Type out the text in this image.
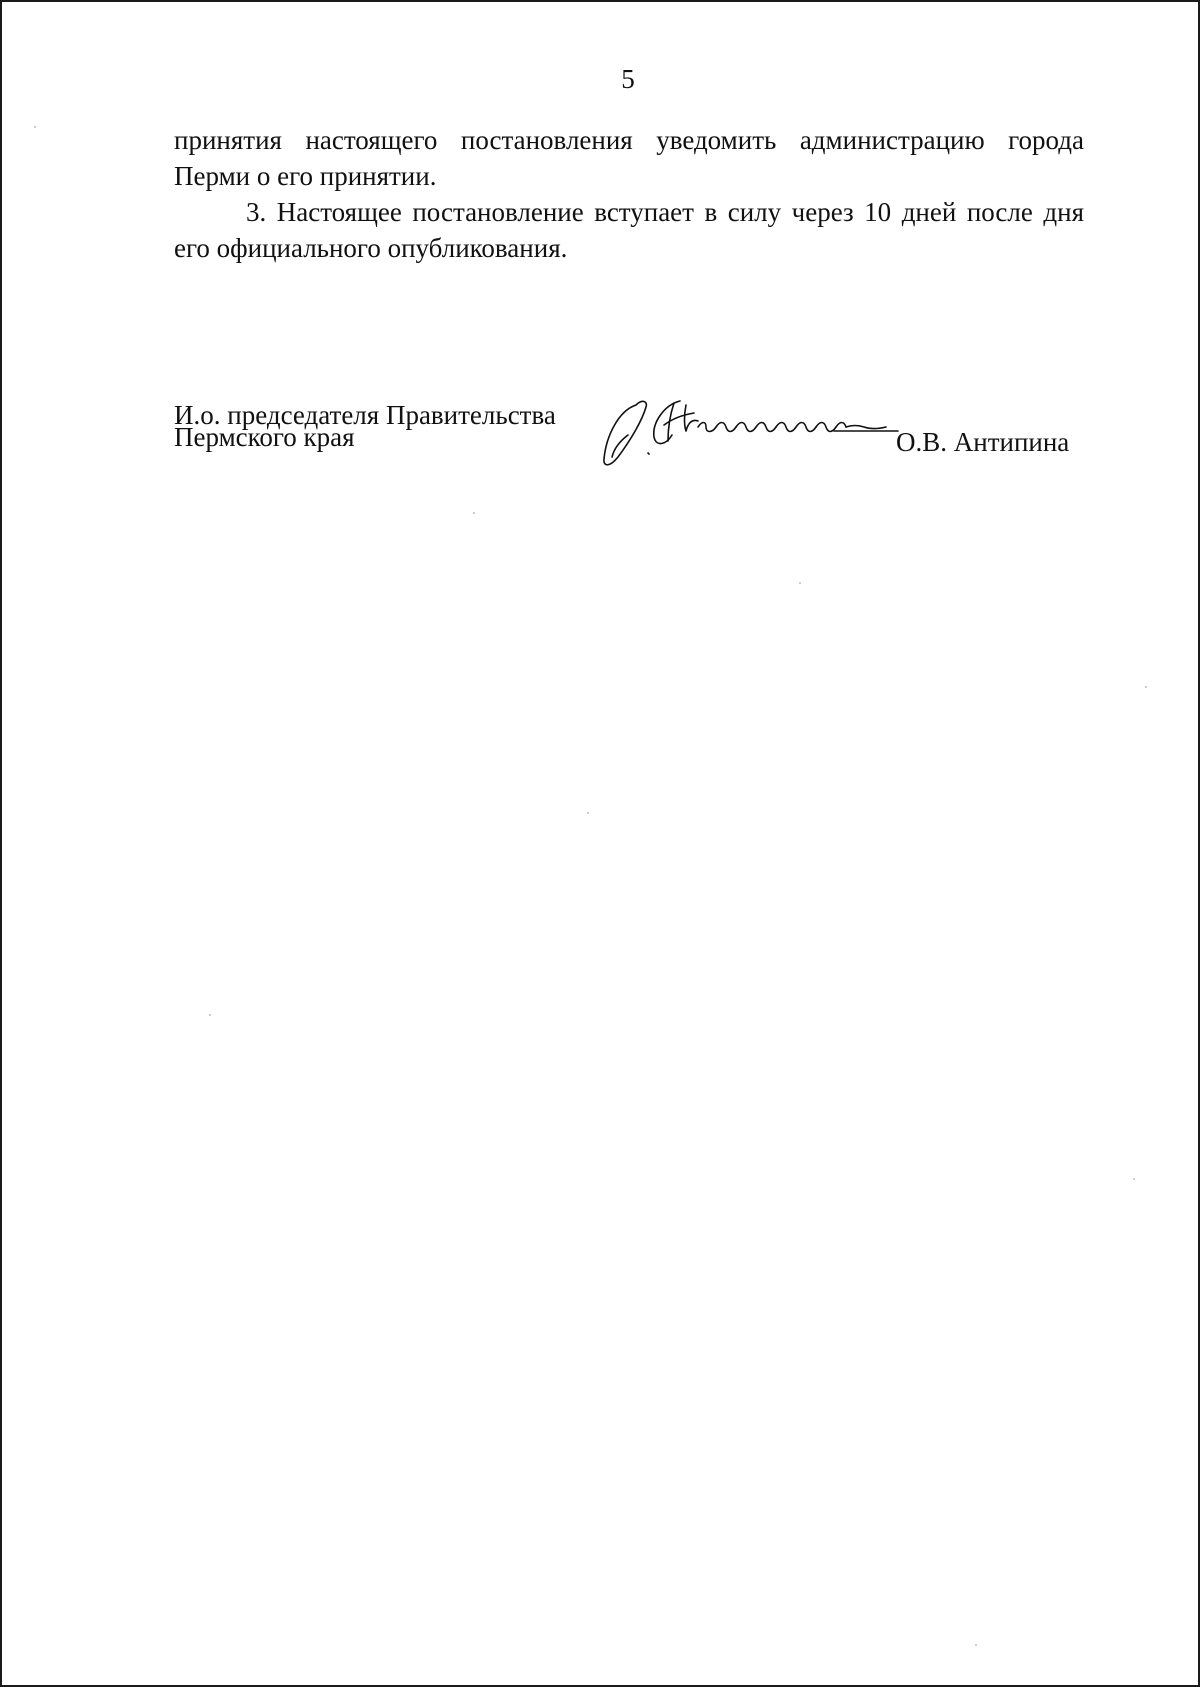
5
принятия настоящего постановления уведомить администрацию города
Перми о его принятии.
3. Настоящее постановление вступает в силу через 10 дней после дня его официального опубликования.
И.о. председателя Правительства
Пермского края	О.В. Антипина
